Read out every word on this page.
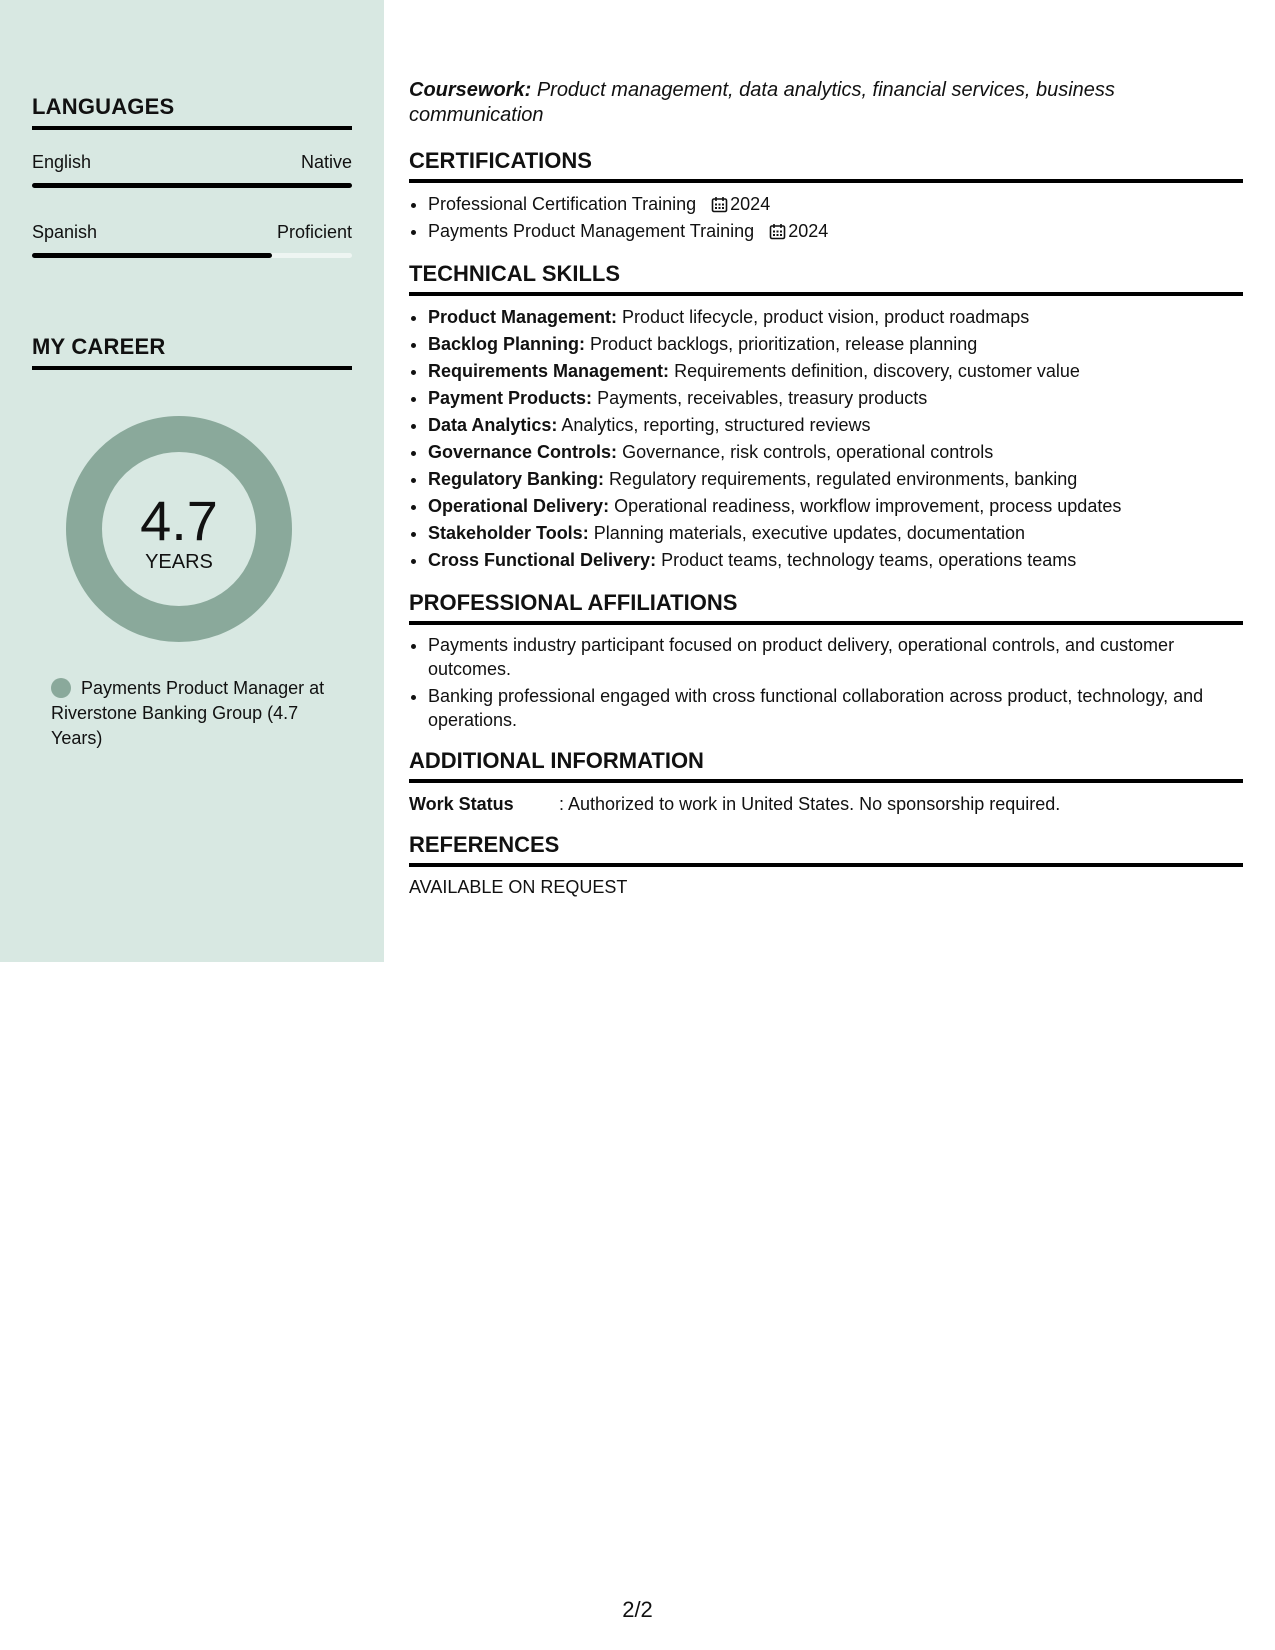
LANGUAGES
English	Native
Spanish	Proficient
MY CAREER
4.7
YEARS
Payments Product Manager at Riverstone Banking Group (4.7 Years)

Coursework: Product management, data analytics, financial services, business communication

CERTIFICATIONS
• Professional Certification Training 2024
• Payments Product Management Training 2024
TECHNICAL SKILLS
• Product Management: Product lifecycle, product vision, product roadmaps
• Backlog Planning: Product backlogs, prioritization, release planning
• Requirements Management: Requirements definition, discovery, customer value
• Payment Products: Payments, receivables, treasury products
• Data Analytics: Analytics, reporting, structured reviews
• Governance Controls: Governance, risk controls, operational controls
• Regulatory Banking: Regulatory requirements, regulated environments, banking
• Operational Delivery: Operational readiness, workflow improvement, process updates
• Stakeholder Tools: Planning materials, executive updates, documentation
• Cross Functional Delivery: Product teams, technology teams, operations teams
PROFESSIONAL AFFILIATIONS
• Payments industry participant focused on product delivery, operational controls, and customer outcomes.
• Banking professional engaged with cross functional collaboration across product, technology, and operations.
ADDITIONAL INFORMATION
Work Status	: Authorized to work in United States. No sponsorship required.
REFERENCES

AVAILABLE ON REQUEST

2/2
